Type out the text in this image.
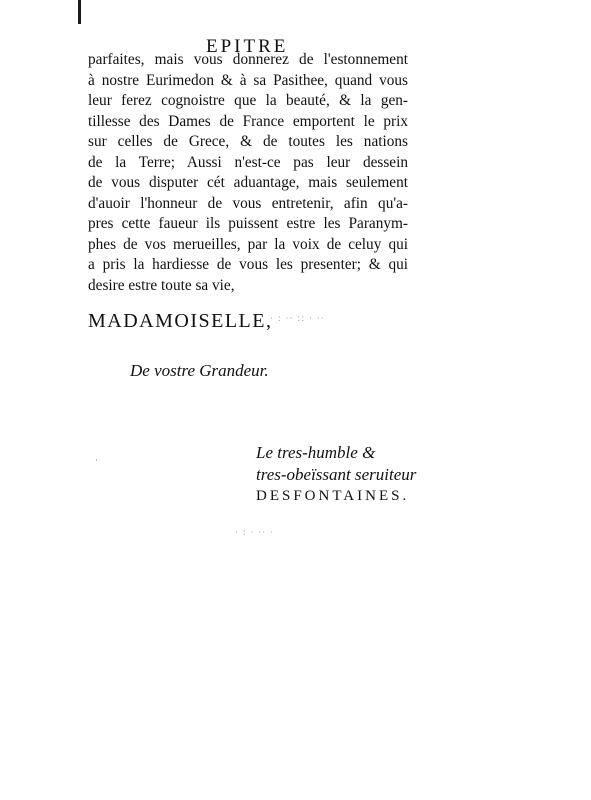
EPITRE
parfaites, mais vous donnerez de l'estonnement
à nostre Eurimedon & à sa Pasithee, quand vous
leur ferez cognoistre que la beauté, & la gen-
tillesse des Dames de France emportent le prix
sur celles de Grece, & de toutes les nations
de la Terre; Aussi n'est-ce pas leur dessein
de vous disputer cét aduantage, mais seulement
d'auoir l'honneur de vous entretenir, afin qu'a-
pres cette faueur ils puissent estre les Paranym-
phes de vos merueilles, par la voix de celuy qui
a pris la hardiesse de vous les presenter; & qui
desire estre toute sa vie,
MADAMOISELLE,
· : ·· :: · ··
·
· : · ·· ·
De vostre Grandeur.
Le tres-humble &
tres-obeïssant seruiteur
DESFONTAINES.
